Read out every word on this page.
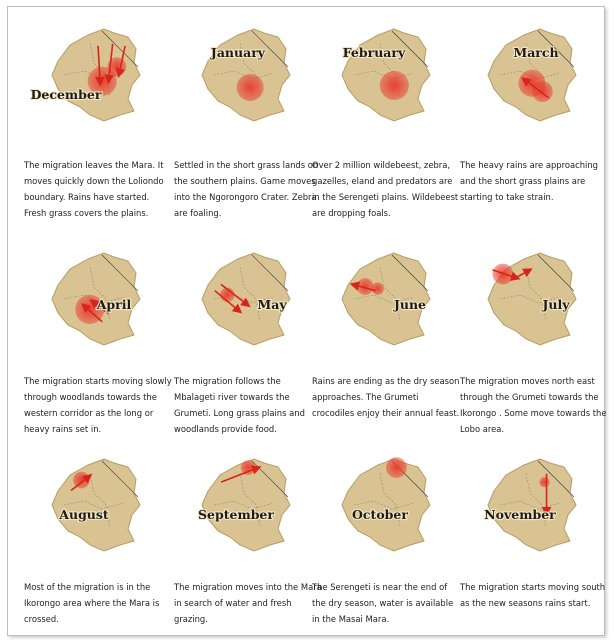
December

The migration leaves the Mara. It moves quickly down the Loliondo boundary. Rains have started. Fresh grass covers the plains.

January

Settled in the short grass lands on the southern plains. Game moves into the Ngorongoro Crater. Zebra are foaling.

February

Over 2 million wildebeest, zebra, gazelles, eland and predators are in the Serengeti plains. Wildebeest are dropping foals.

March

The heavy rains are approaching and the short grass plains are starting to take strain.

April

The migration starts moving slowly through woodlands towards the western corridor as the long or heavy rains set in.

May

The migration follows the Mbalageti river towards the Grumeti. Long grass plains and woodlands provide food.

June

Rains are ending as the dry season approaches. The Grumeti crocodiles enjoy their annual feast.

July

The migration moves north east through the Grumeti towards the Ikorongo . Some move towards the Lobo area.

August

Most of the migration is in the Ikorongo area where the Mara is crossed.

September

The migration moves into the Mara in search of water and fresh grazing.

October

The Serengeti is near the end of the dry season, water is available in the Masai Mara.

November

The migration starts moving south as the new seasons rains start.
